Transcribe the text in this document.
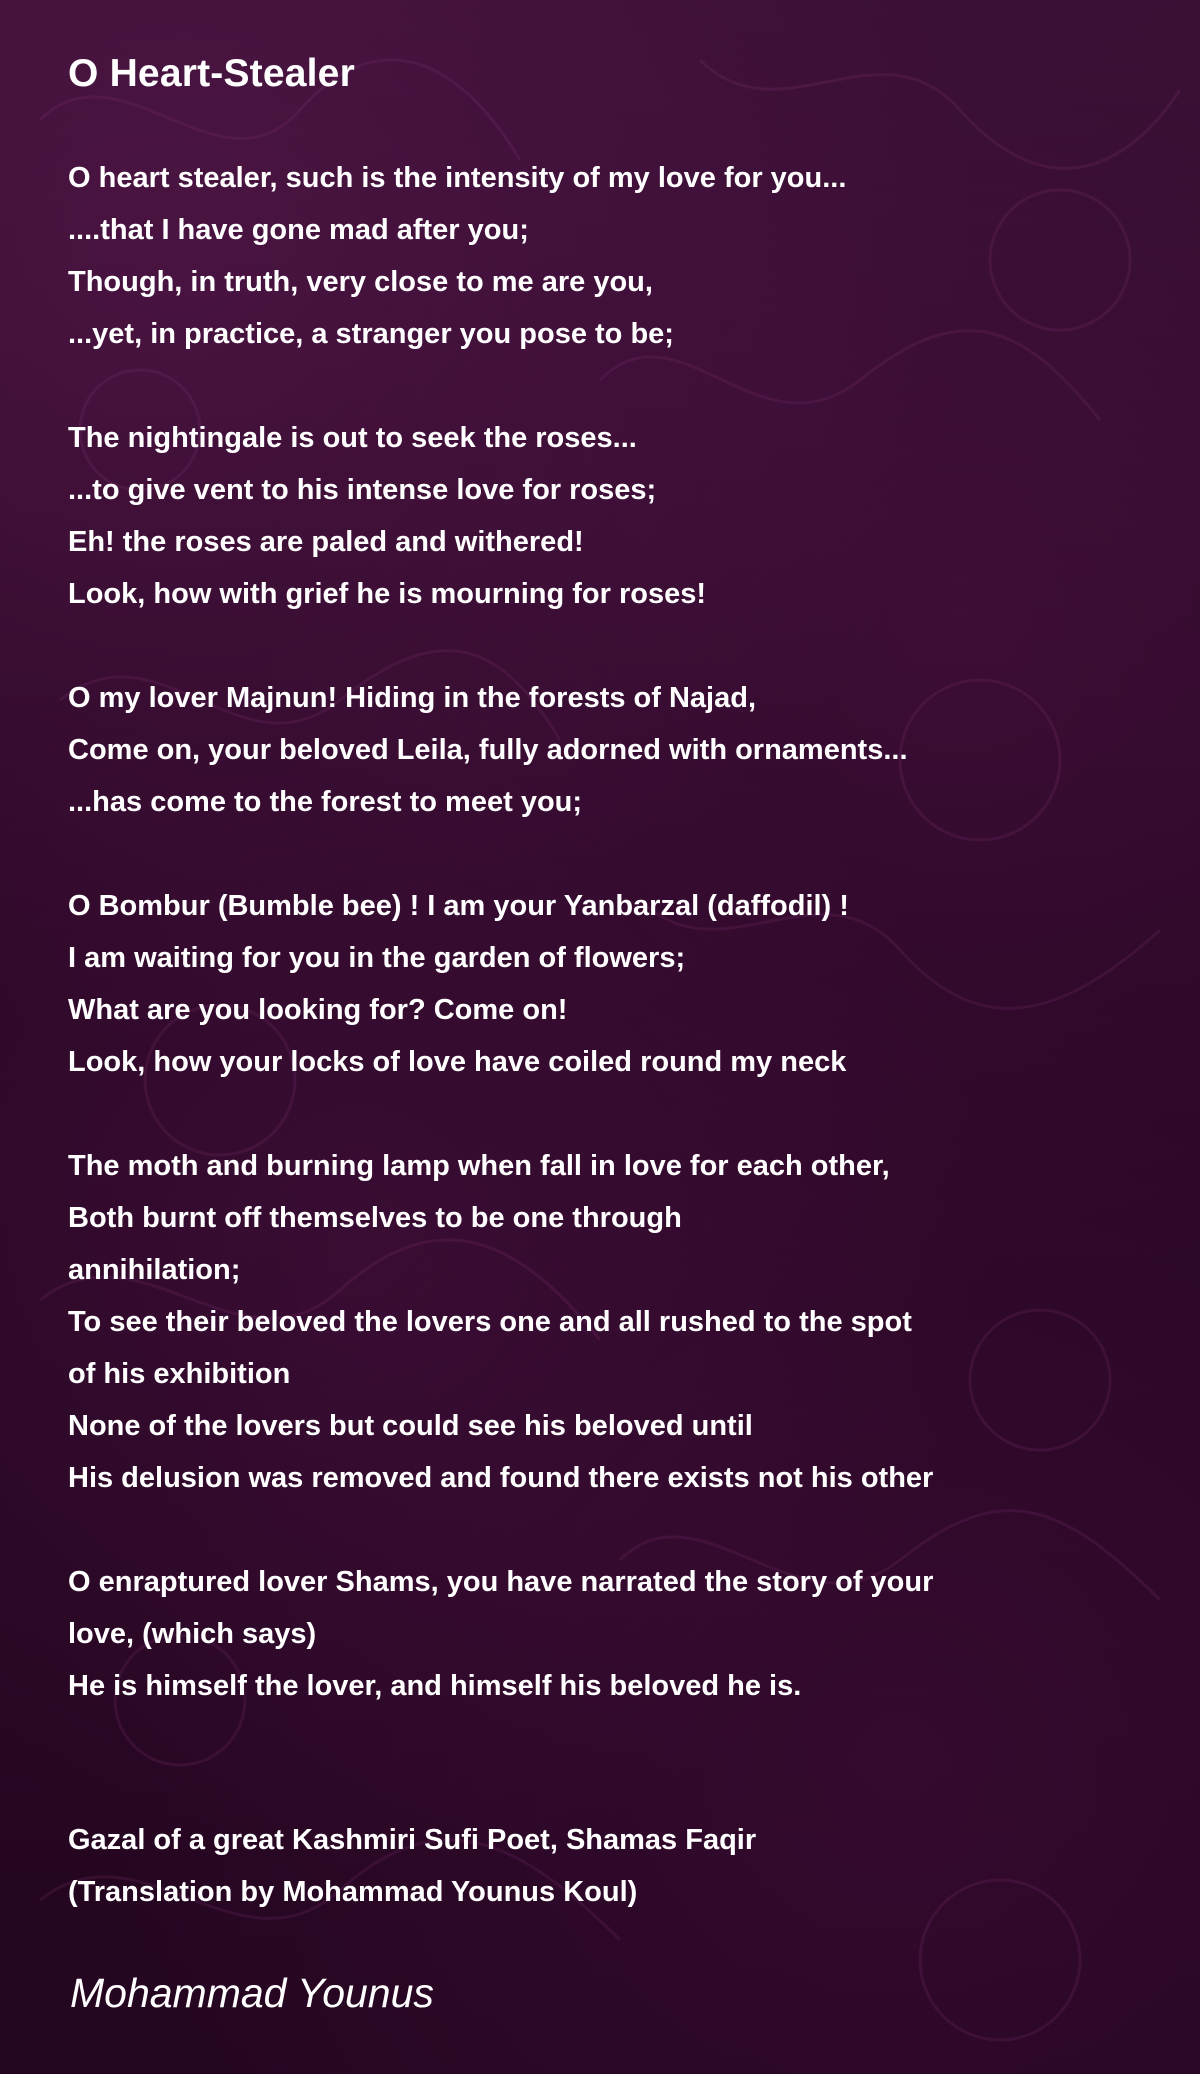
O Heart-Stealer
O heart stealer, such is the intensity of my love for you...
....that I have gone mad after you;
Though, in truth, very close to me are you,
...yet, in practice, a stranger you pose to be;
The nightingale is out to seek the roses...
...to give vent to his intense love for roses;
Eh! the roses are paled and withered!
Look, how with grief he is mourning for roses!
O my lover Majnun! Hiding in the forests of Najad,
Come on, your beloved Leila, fully adorned with ornaments...
...has come to the forest to meet you;
O Bombur (Bumble bee) ! I am your Yanbarzal (daffodil) !
I am waiting for you in the garden of flowers;
What are you looking for? Come on!
Look, how your locks of love have coiled round my neck
The moth and burning lamp when fall in love for each other,
Both burnt off themselves to be one through
annihilation;
To see their beloved the lovers one and all rushed to the spot
of his exhibition
None of the lovers but could see his beloved until
His delusion was removed and found there exists not his other
O enraptured lover Shams, you have narrated the story of your
love, (which says)
He is himself the lover, and himself his beloved he is.
Gazal of a great Kashmiri Sufi Poet, Shamas Faqir
(Translation by Mohammad Younus Koul)
Mohammad Younus
